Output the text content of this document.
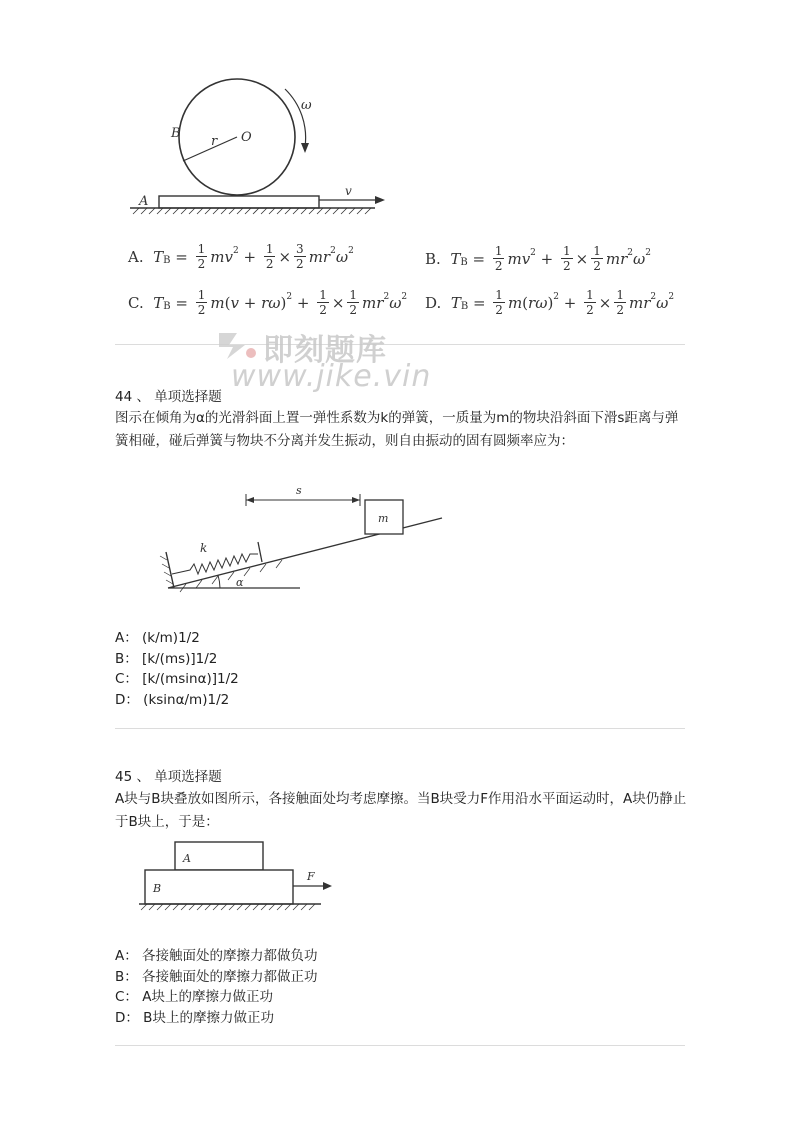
B
r O
ω
A
v
A.
T $B = \frac{1}{2}$ mv $2 + \frac{1}{2} \times \frac{3}{2}$ mr 2 ω 2	B.
T $B = \frac{1}{2}$ mv $2 + \frac{1}{2} \times \frac{1}{2}$ mr 2 ω 2
C.
T $B = \frac{1}{2}$ m ( v + rω ) $2 + \frac{1}{2} \times \frac{1}{2}$ mr 2 ω 2 D.
T $B = \frac{1}{2}$ m ( rω ) $2 + \frac{1}{2} \times \frac{1}{2}$ mr 2 ω 2
即刻题库
www.jike.vin
44 、 单项选择题
图示在倾角为α的光滑斜面上置一弹性系数为k的弹簧，一质量为m的物块沿斜面下滑s距离与弹簧相碰，碰后弹簧与物块不分离并发生振动，则自由振动的固有圆频率应为：
s
k
m
α
A： (k/m)1/2
B： [k/(ms)]1/2
C： [k/(msinα)]1/2
D： (ksinα/m)1/2
45 、 单项选择题
A块与B块叠放如图所示，各接触面处均考虑摩擦。当B块受力F作用沿水平面运动时，A块仍静止于B块上，于是：
A
B
F
A： 各接触面处的摩擦力都做负功
B： 各接触面处的摩擦力都做正功
C： A块上的摩擦力做正功
D： B块上的摩擦力做正功
